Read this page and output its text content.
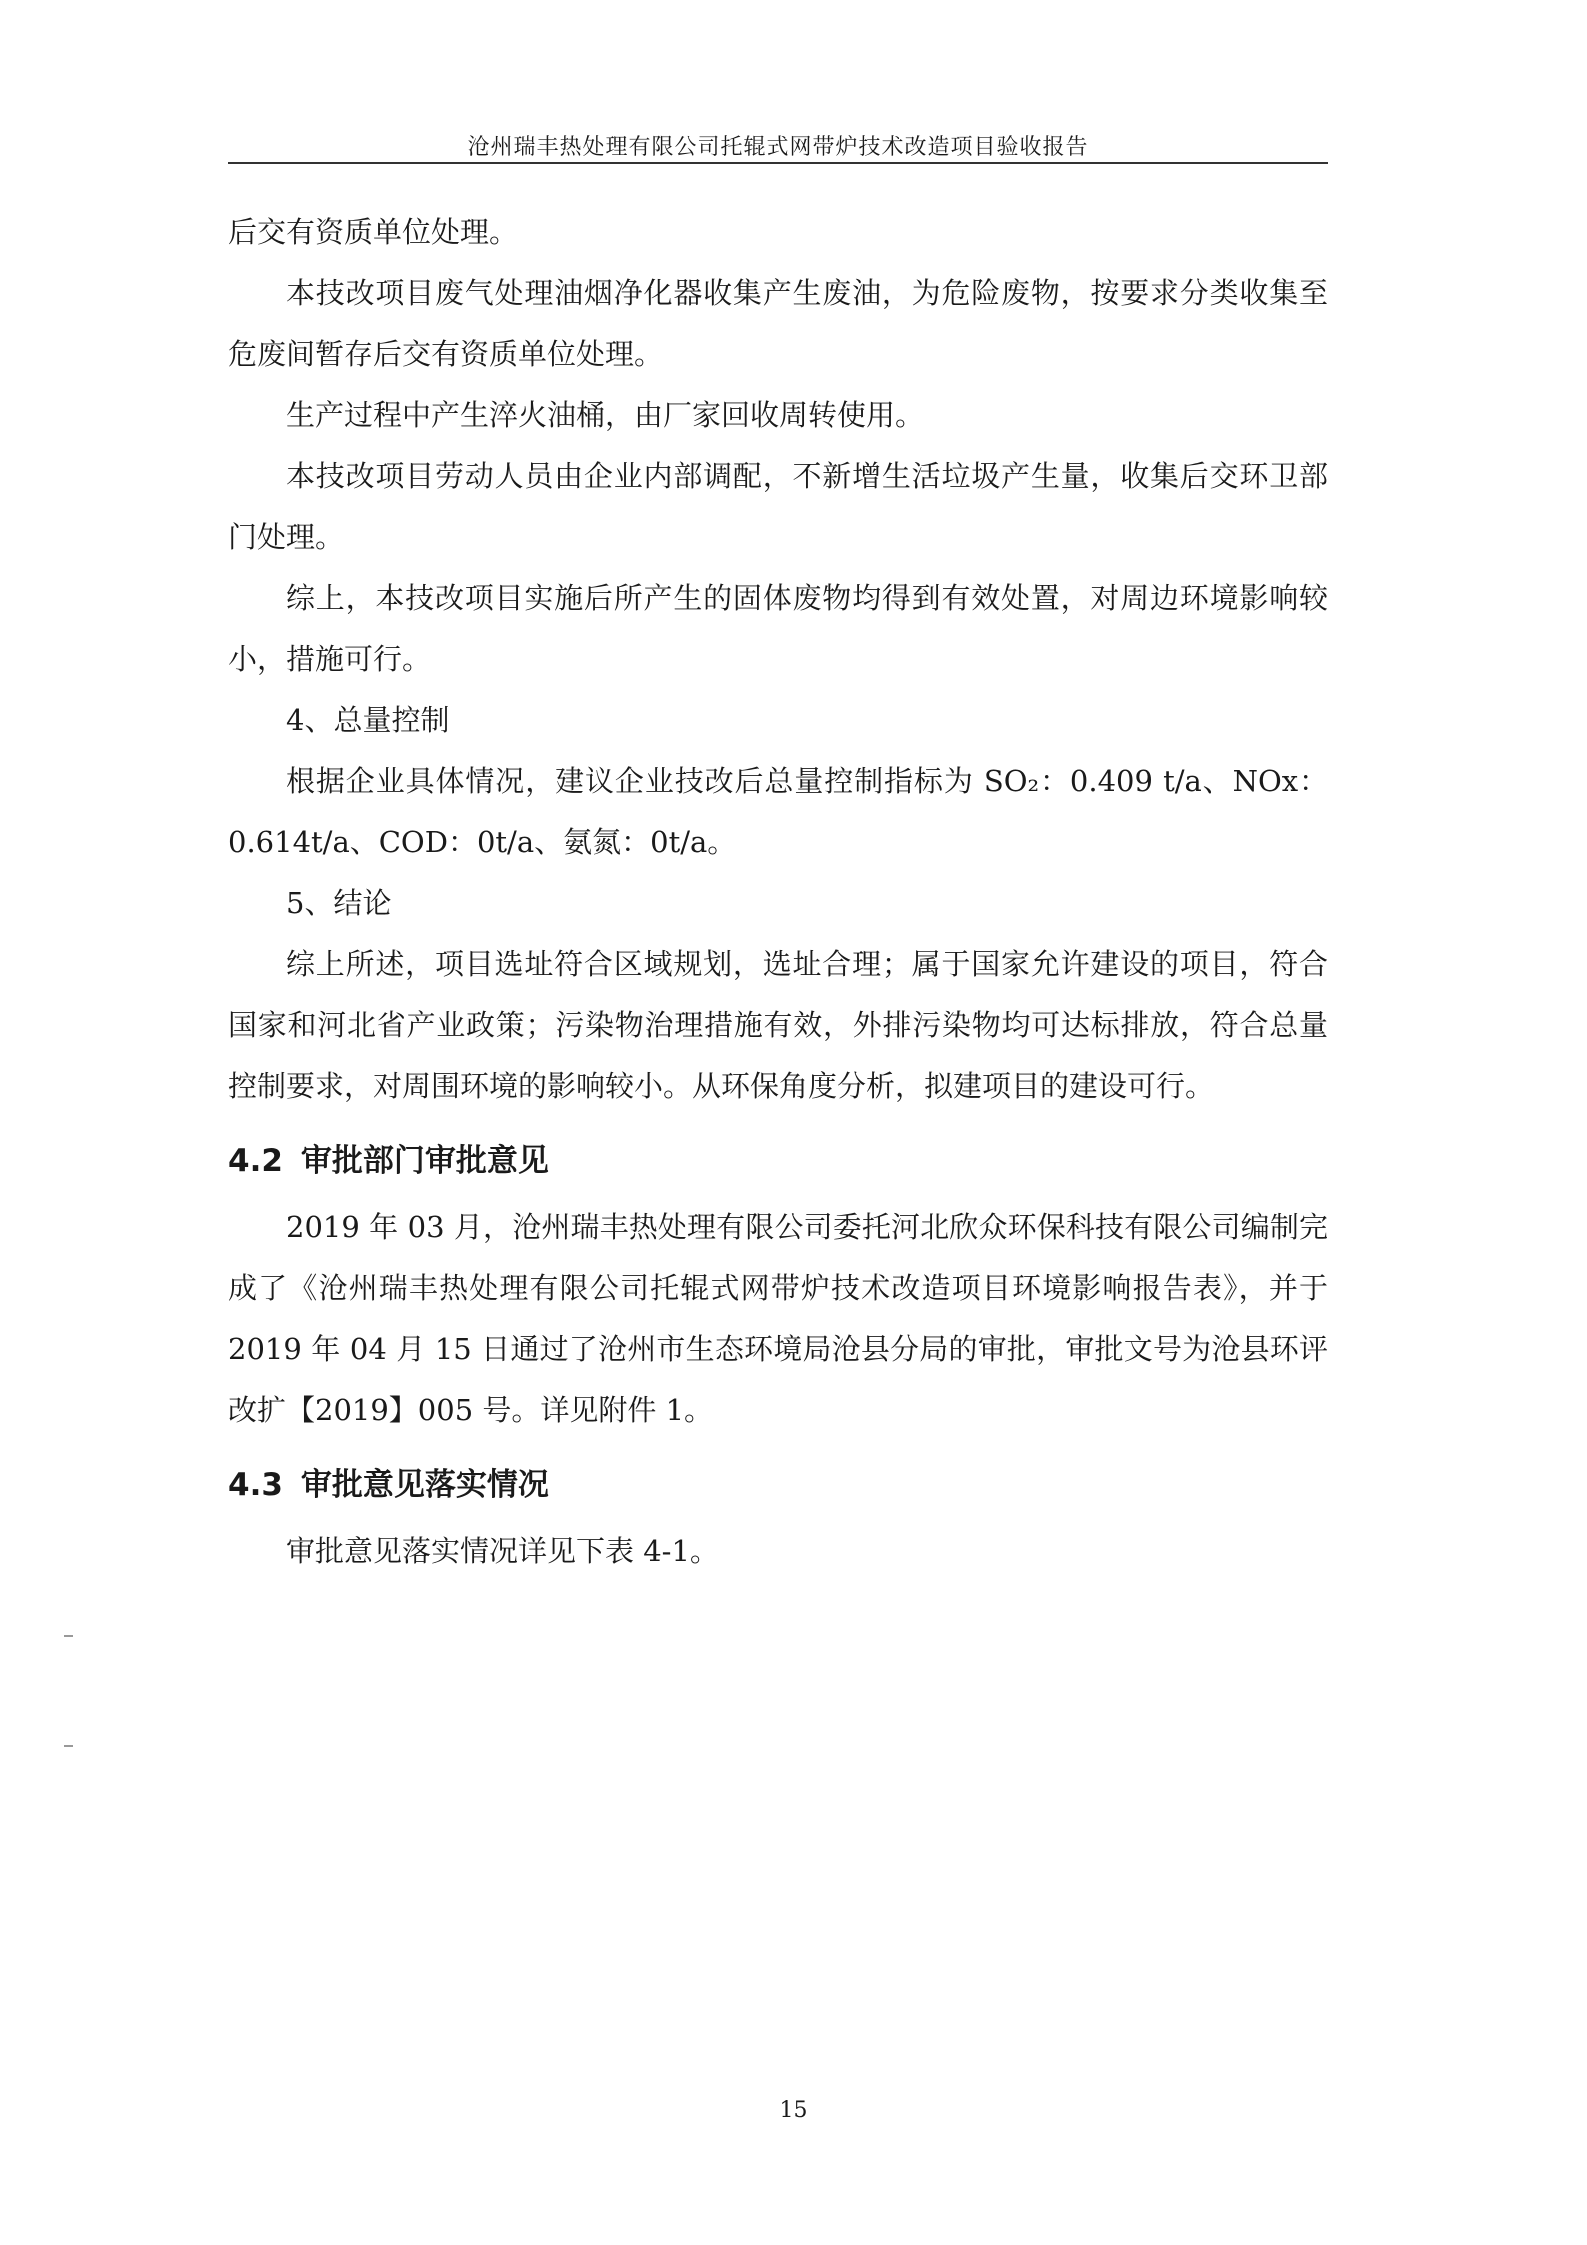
沧州瑞丰热处理有限公司托辊式网带炉技术改造项目验收报告

后交有资质单位处理。

本技改项目废气处理油烟净化器收集产生废油，为危险废物，按要求分类收集至危废间暂存后交有资质单位处理。

生产过程中产生淬火油桶，由厂家回收周转使用。

本技改项目劳动人员由企业内部调配，不新增生活垃圾产生量，收集后交环卫部门处理。

综上，本技改项目实施后所产生的固体废物均得到有效处置，对周边环境影响较小，措施可行。

4、总量控制

根据企业具体情况，建议企业技改后总量控制指标为 SO₂：0.409 t/a、NOx：0.614t/a、COD：0t/a、氨氮：0t/a。

5、结论

综上所述，项目选址符合区域规划，选址合理；属于国家允许建设的项目，符合国家和河北省产业政策；污染物治理措施有效，外排污染物均可达标排放，符合总量控制要求，对周围环境的影响较小。从环保角度分析，拟建项目的建设可行。

4.2 审批部门审批意见

2019 年 03 月，沧州瑞丰热处理有限公司委托河北欣众环保科技有限公司编制完成了《沧州瑞丰热处理有限公司托辊式网带炉技术改造项目环境影响报告表》，并于 2019 年 04 月 15 日通过了沧州市生态环境局沧县分局的审批，审批文号为沧县环评改扩【2019】005 号。详见附件 1。

4.3 审批意见落实情况

审批意见落实情况详见下表 4-1。

15
